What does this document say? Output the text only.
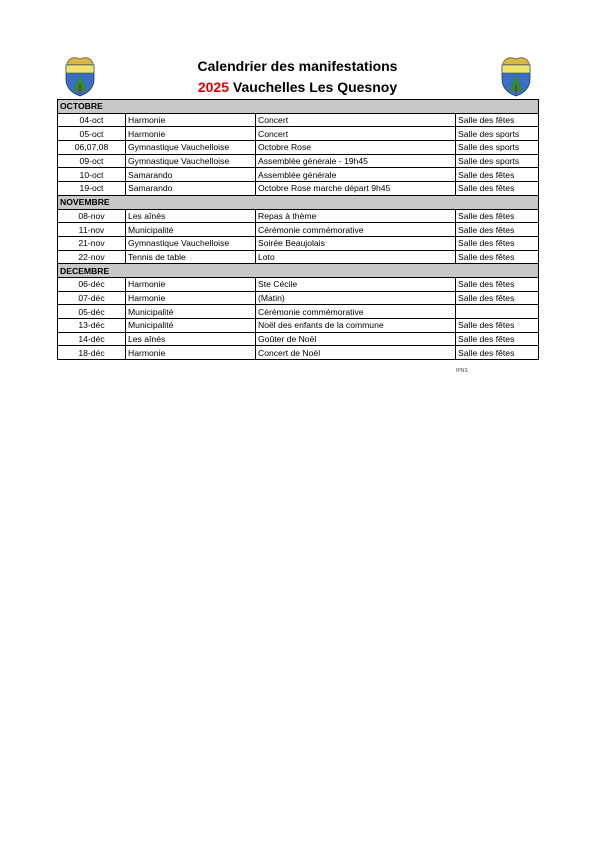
Calendrier des manifestations
2025 Vauchelles Les Quesnoy
OCTOBRE			
04-oct	Harmonie	Concert	Salle des fêtes
05-oct	Harmonie	Concert	Salle des sports
06,07,08	Gymnastique Vauchelloise	Octobre Rose	Salle des sports
09-oct	Gymnastique Vauchelloise	Assemblée générale - 19h45	Salle des sports
10-oct	Samarando	Assemblée générale	Salle des fêtes
19-oct	Samarando	Octobre Rose marche départ 9h45	Salle des fêtes
NOVEMBRE			
08-nov	Les aînés	Repas à thème	Salle des fêtes
11-nov	Municipalité	Cérémonie commémorative	Salle des fêtes
21-nov	Gymnastique Vauchelloise	Soirée Beaujolais	Salle des fêtes
22-nov	Tennis de table	Loto	Salle des fêtes
DECEMBRE			
06-déc	Harmonie	Ste Cécile	Salle des fêtes
07-déc	Harmonie	(Matin)	Salle des fêtes
05-déc	Municipalité	Cérémonie commémorative	
13-déc	Municipalité	Noël des enfants de la commune	Salle des fêtes
14-déc	Les aînés	Goûter de Noël	Salle des fêtes
18-déc	Harmonie	Concert de Noël	Salle des fêtes
IPNS
